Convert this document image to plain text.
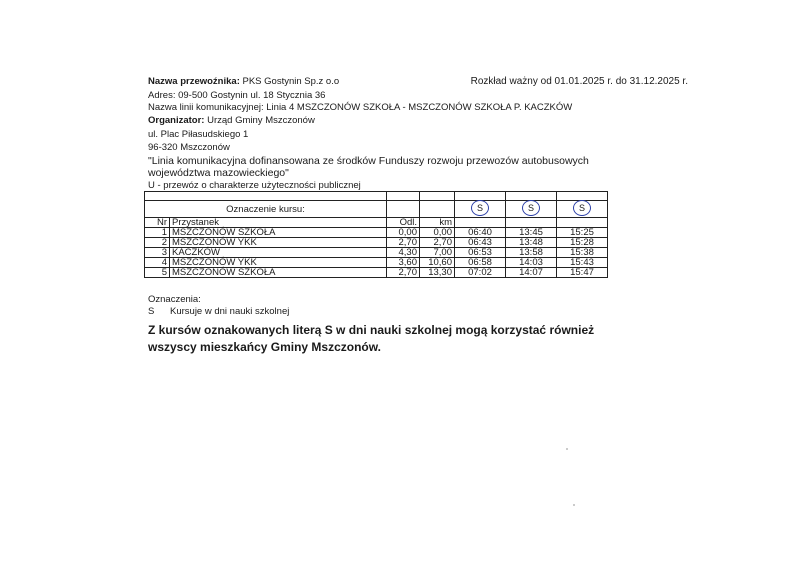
Nazwa przewoźnika: PKS Gostynin Sp.z o.o	Rozkład ważny od 01.01.2025 r. do 31.12.2025 r.
Adres: 09-500 Gostynin ul. 18 Stycznia 36
Nazwa linii komunikacyjnej: Linia 4 MSZCZONÓW SZKOŁA - MSZCZONÓW SZKOŁA P. KACZKÓW
Organizator: Urząd Gminy Mszczonów
ul. Plac Piłasudskiego 1
96-320 Mszczonów
"Linia komunikacyjna dofinansowana ze środków Funduszy rozwoju przewozów autobusowych
województwa mazowieckiego"
U - przewóz o charakterze użyteczności publicznej

Oznaczenie kursu:				S	S	S
Nr	Przystanek	Odl.	km			
1	MSZCZONÓW SZKOŁA	0,00	0,00	06:40	13:45	15:25
2	MSZCZONÓW YKK	2,70	2,70	06:43	13:48	15:28
3	KACZKÓW	4,30	7,00	06:53	13:58	15:38
4	MSZCZONÓW YKK	3,60	10,60	06:58	14:03	15:43
5	MSZCZONÓW SZKOŁA	2,70	13,30	07:02	14:07	15:47
Oznaczenia:
S Kursuje w dni nauki szkolnej
Z kursów oznakowanych literą S w dni nauki szkolnej mogą korzystać również wszyscy mieszkańcy Gminy Mszczonów.
